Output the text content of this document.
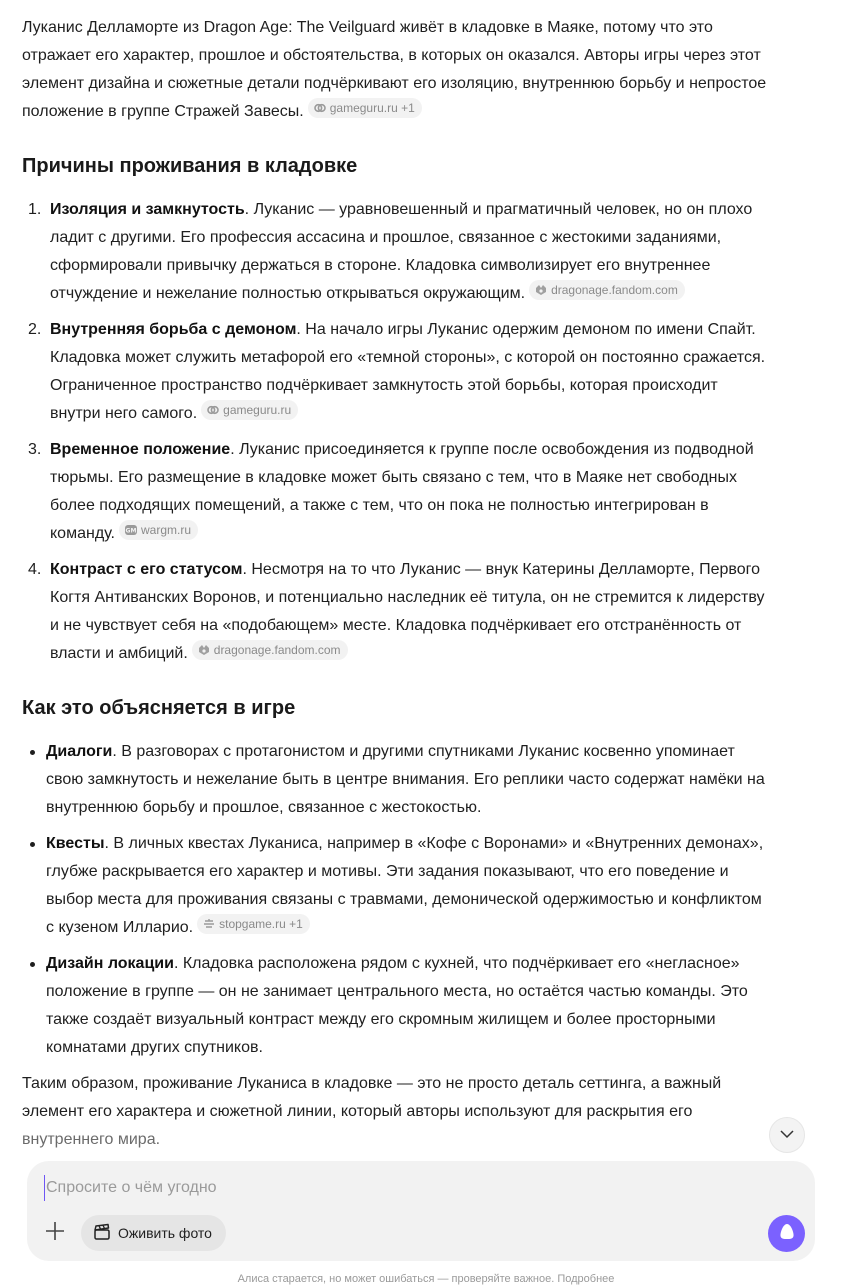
Луканис Делламорте из Dragon Age: The Veilguard живёт в кладовке в Маяке, потому что это отражает его характер, прошлое и обстоятельства, в которых он оказался. Авторы игры через этот элемент дизайна и сюжетные детали подчёркивают его изоляцию, внутреннюю борьбу и непростое положение в группе Стражей Завесы. gameguru.ru +1

Причины проживания в кладовке
1. Изоляция и замкнутость. Луканис — уравновешенный и прагматичный человек, но он плохо ладит с другими. Его профессия ассасина и прошлое, связанное с жестокими заданиями, сформировали привычку держаться в стороне. Кладовка символизирует его внутреннее отчуждение и нежелание полностью открываться окружающим. dragonage.fandom.com
2. Внутренняя борьба с демоном. На начало игры Луканис одержим демоном по имени Спайт. Кладовка может служить метафорой его «темной стороны», с которой он постоянно сражается. Ограниченное пространство подчёркивает замкнутость этой борьбы, которая происходит внутри него самого. gameguru.ru
3. Временное положение. Луканис присоединяется к группе после освобождения из подводной тюрьмы. Его размещение в кладовке может быть связано с тем, что в Маяке нет свободных более подходящих помещений, а также с тем, что он пока не полностью интегрирован в команду. GM wargm.ru
4. Контраст с его статусом. Несмотря на то что Луканис — внук Катерины Делламорте, Первого Когтя Антиванских Воронов, и потенциально наследник её титула, он не стремится к лидерству и не чувствует себя на «подобающем» месте. Кладовка подчёркивает его отстранённость от власти и амбиций. dragonage.fandom.com
Как это объясняется в игре
Диалоги. В разговорах с протагонистом и другими спутниками Луканис косвенно упоминает свою замкнутость и нежелание быть в центре внимания. Его реплики часто содержат намёки на внутреннюю борьбу и прошлое, связанное с жестокостью.
Квесты. В личных квестах Луканиса, например в «Кофе с Воронами» и «Внутренних демонах», глубже раскрывается его характер и мотивы. Эти задания показывают, что его поведение и выбор места для проживания связаны с травмами, демонической одержимостью и конфликтом с кузеном Илларио. stopgame.ru +1
Дизайн локации. Кладовка расположена рядом с кухней, что подчёркивает его «негласное» положение в группе — он не занимает центрального места, но остаётся частью команды. Это также создаёт визуальный контраст между его скромным жилищем и более просторными комнатами других спутников.

Таким образом, проживание Луканиса в кладовке — это не просто деталь сеттинга, а важный элемент его характера и сюжетной линии, который авторы используют для раскрытия его внутреннего мира.

Спросите о чём угодно
Оживить фото
Алиса старается, но может ошибаться — проверяйте важное. Подробнее
